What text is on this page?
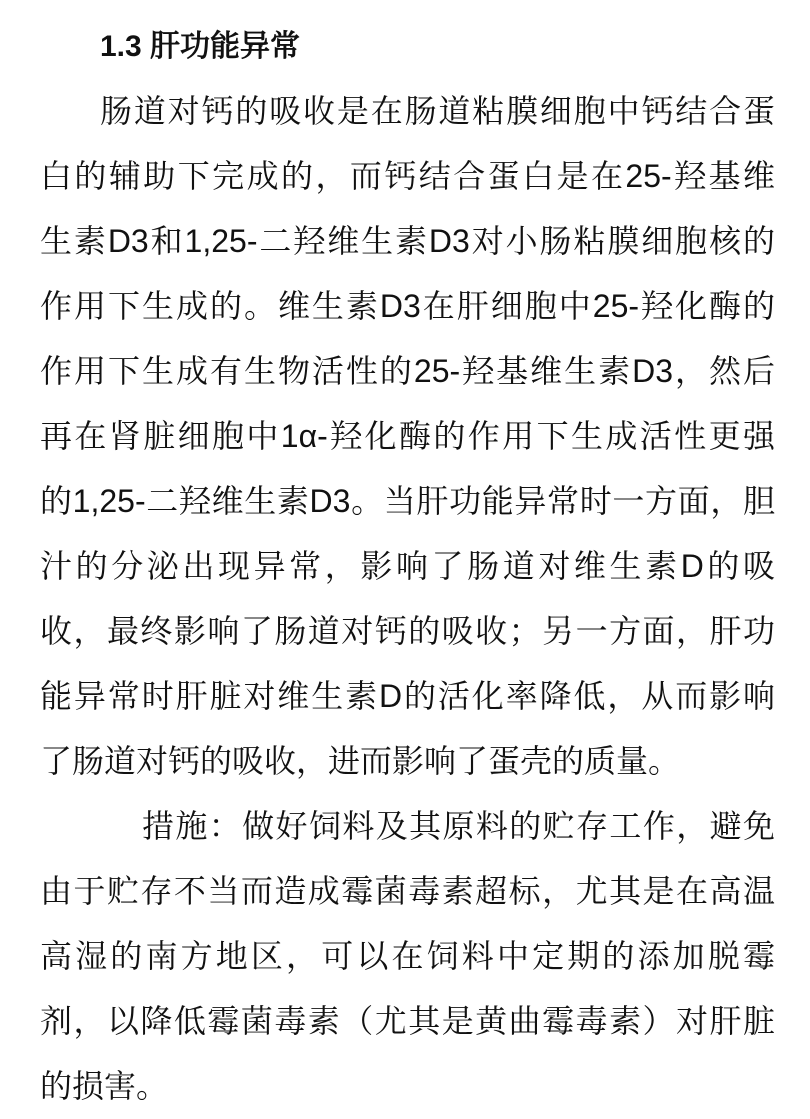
1.3 肝功能异常
肠道对钙的吸收是在肠道粘膜细胞中钙结合蛋
白的辅助下完成的，而钙结合蛋白是在25-羟基维
生素D3和1,25-二羟维生素D3对小肠粘膜细胞核的
作用下生成的。维生素D3在肝细胞中25-羟化酶的
作用下生成有生物活性的25-羟基维生素D3，然后
再在肾脏细胞中1α-羟化酶的作用下生成活性更强
的1,25-二羟维生素D3。当肝功能异常时一方面，胆
汁的分泌出现异常，影响了肠道对维生素D的吸
收，最终影响了肠道对钙的吸收；另一方面，肝功
能异常时肝脏对维生素D的活化率降低，从而影响
了肠道对钙的吸收，进而影响了蛋壳的质量。
措施：做好饲料及其原料的贮存工作，避免
由于贮存不当而造成霉菌毒素超标，尤其是在高温
高湿的南方地区，可以在饲料中定期的添加脱霉
剂，以降低霉菌毒素（尤其是黄曲霉毒素）对肝脏
的损害。
